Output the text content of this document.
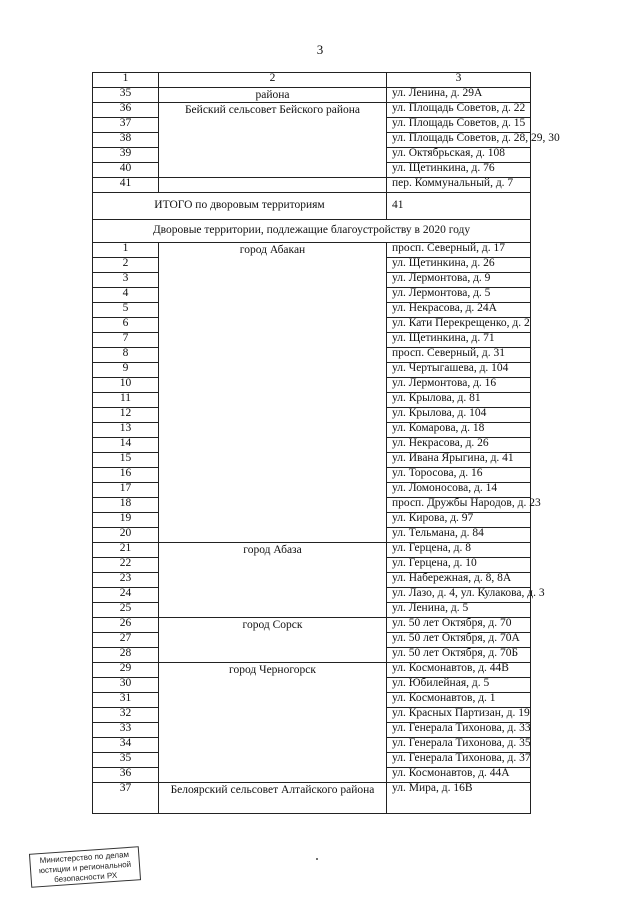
3
1	2	3
35	района	ул. Ленина, д. 29А
36	Бейский сельсовет Бейского района	ул. Площадь Советов, д. 22
37		ул. Площадь Советов, д. 15
38		ул. Площадь Советов, д. 28, 29, 30
39		ул. Октябрьская, д. 108
40		ул. Щетинкина, д. 76
41		пер. Коммунальный, д. 7
ИТОГО по дворовым территориям		41
Дворовые территории, подлежащие благоустройству в 2020 году		
1	город Абакан	просп. Северный, д. 17
2		ул. Щетинкина, д. 26
3		ул. Лермонтова, д. 9
4		ул. Лермонтова, д. 5
5		ул. Некрасова, д. 24А
6		ул. Кати Перекрещенко, д. 2
7		ул. Щетинкина, д. 71
8		просп. Северный, д. 31
9		ул. Чертыгашева, д. 104
10		ул. Лермонтова, д. 16
11		ул. Крылова, д. 81
12		ул. Крылова, д. 104
13		ул. Комарова, д. 18
14		ул. Некрасова, д. 26
15		ул. Ивана Ярыгина, д. 41
16		ул. Торосова, д. 16
17		ул. Ломоносова, д. 14
18		просп. Дружбы Народов, д. 23
19		ул. Кирова, д. 97
20		ул. Тельмана, д. 84
21	город Абаза	ул. Герцена, д. 8
22		ул. Герцена, д. 10
23		ул. Набережная, д. 8, 8А
24		ул. Лазо, д. 4, ул. Кулакова, д. 3
25		ул. Ленина, д. 5
26	город Сорск	ул. 50 лет Октября, д. 70
27		ул. 50 лет Октября, д. 70А
28		ул. 50 лет Октября, д. 70Б
29	город Черногорск	ул. Космонавтов, д. 44В
30		ул. Юбилейная, д. 5
31		ул. Космонавтов, д. 1
32		ул. Красных Партизан, д. 19
33		ул. Генерала Тихонова, д. 33
34		ул. Генерала Тихонова, д. 35
35		ул. Генерала Тихонова, д. 37
36		ул. Космонавтов, д. 44А
37	Белоярский сельсовет Алтайского района	ул. Мира, д. 16В
Министерство по делам юстиции и региональной безопасности РХ
